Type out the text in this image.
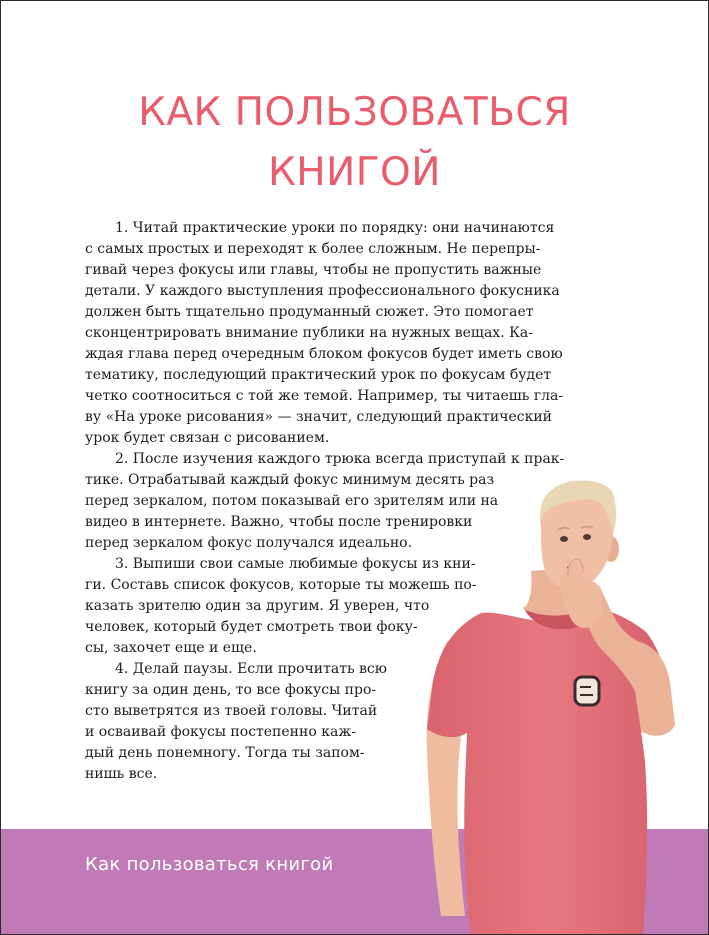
КАК ПОЛЬЗОВАТЬСЯ
КНИГОЙ

1. Читай практические уроки по порядку: они начинаются

с самых простых и переходят к более сложным. Не перепры-

гивай через фокусы или главы, чтобы не пропустить важные

детали. У каждого выступления профессионального фокусника

должен быть тщательно продуманный сюжет. Это помогает

сконцентрировать внимание публики на нужных вещах. Ка-

ждая глава перед очередным блоком фокусов будет иметь свою

тематику, последующий практический урок по фокусам будет

четко соотноситься с той же темой. Например, ты читаешь гла-

ву «На уроке рисования» — значит, следующий практический

урок будет связан с рисованием.

2. После изучения каждого трюка всегда приступай к прак-

тике. Отрабатывай каждый фокус минимум десять раз

перед зеркалом, потом показывай его зрителям или на

видео в интернете. Важно, чтобы после тренировки

перед зеркалом фокус получался идеально.

3. Выпиши свои самые любимые фокусы из кни-

ги. Составь список фокусов, которые ты можешь по-

казать зрителю один за другим. Я уверен, что

человек, который будет смотреть твои фоку-

сы, захочет еще и еще.

4. Делай паузы. Если прочитать всю

книгу за один день, то все фокусы про-

сто выветрятся из твоей головы. Читай

и осваивай фокусы постепенно каж-

дый день понемногу. Тогда ты запом-

нишь все.

Как пользоваться книгой
